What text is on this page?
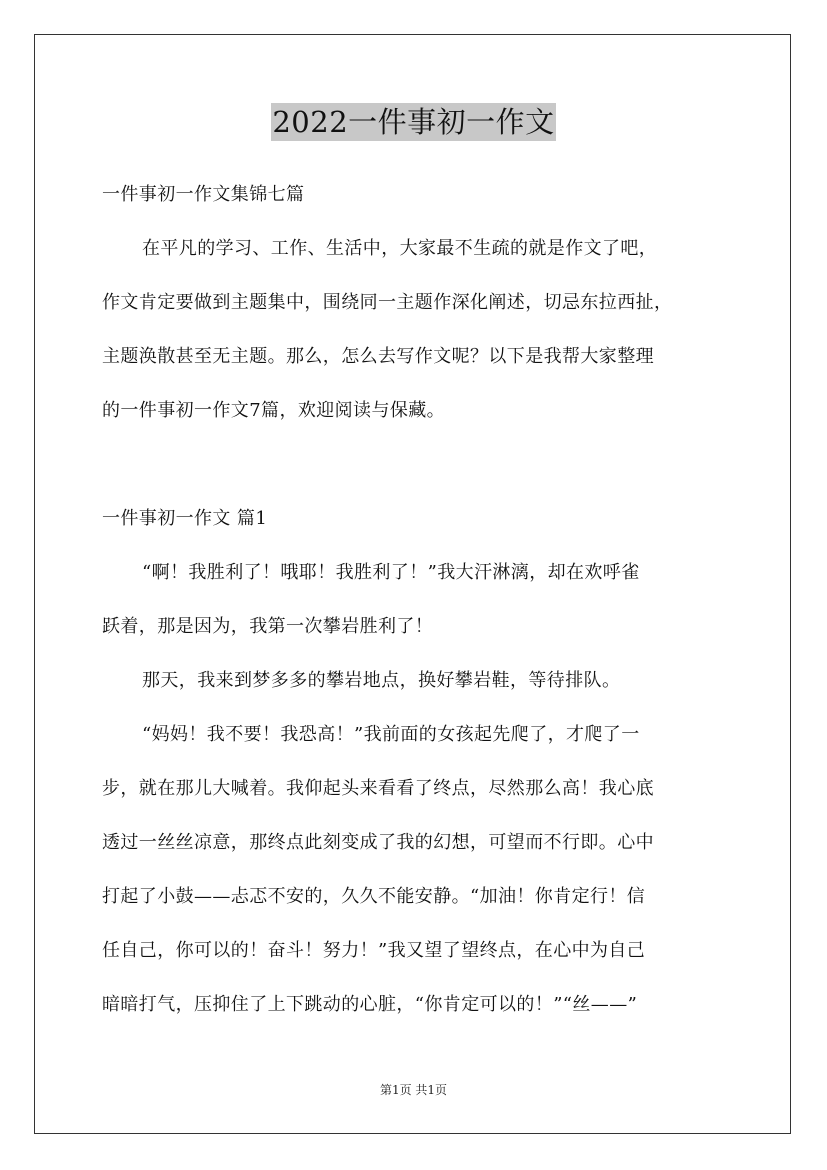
2022一件事初一作文
一件事初一作文集锦七篇
在平凡的学习、工作、生活中，大家最不生疏的就是作文了吧，
作文肯定要做到主题集中，围绕同一主题作深化阐述，切忌东拉西扯，
主题涣散甚至无主题。那么，怎么去写作文呢？以下是我帮大家整理
的一件事初一作文7篇，欢迎阅读与保藏。
一件事初一作文 篇1
“啊！我胜利了！哦耶！我胜利了！”我大汗淋漓，却在欢呼雀
跃着，那是因为，我第一次攀岩胜利了！
那天，我来到梦多多的攀岩地点，换好攀岩鞋，等待排队。
“妈妈！我不要！我恐高！”我前面的女孩起先爬了，才爬了一
步，就在那儿大喊着。我仰起头来看看了终点，尽然那么高！我心底
透过一丝丝凉意，那终点此刻变成了我的幻想，可望而不行即。心中
打起了小鼓——忐忑不安的，久久不能安静。“加油！你肯定行！信
任自己，你可以的！奋斗！努力！”我又望了望终点，在心中为自己
暗暗打气，压抑住了上下跳动的心脏，“你肯定可以的！”“丝——”
第1页 共1页
